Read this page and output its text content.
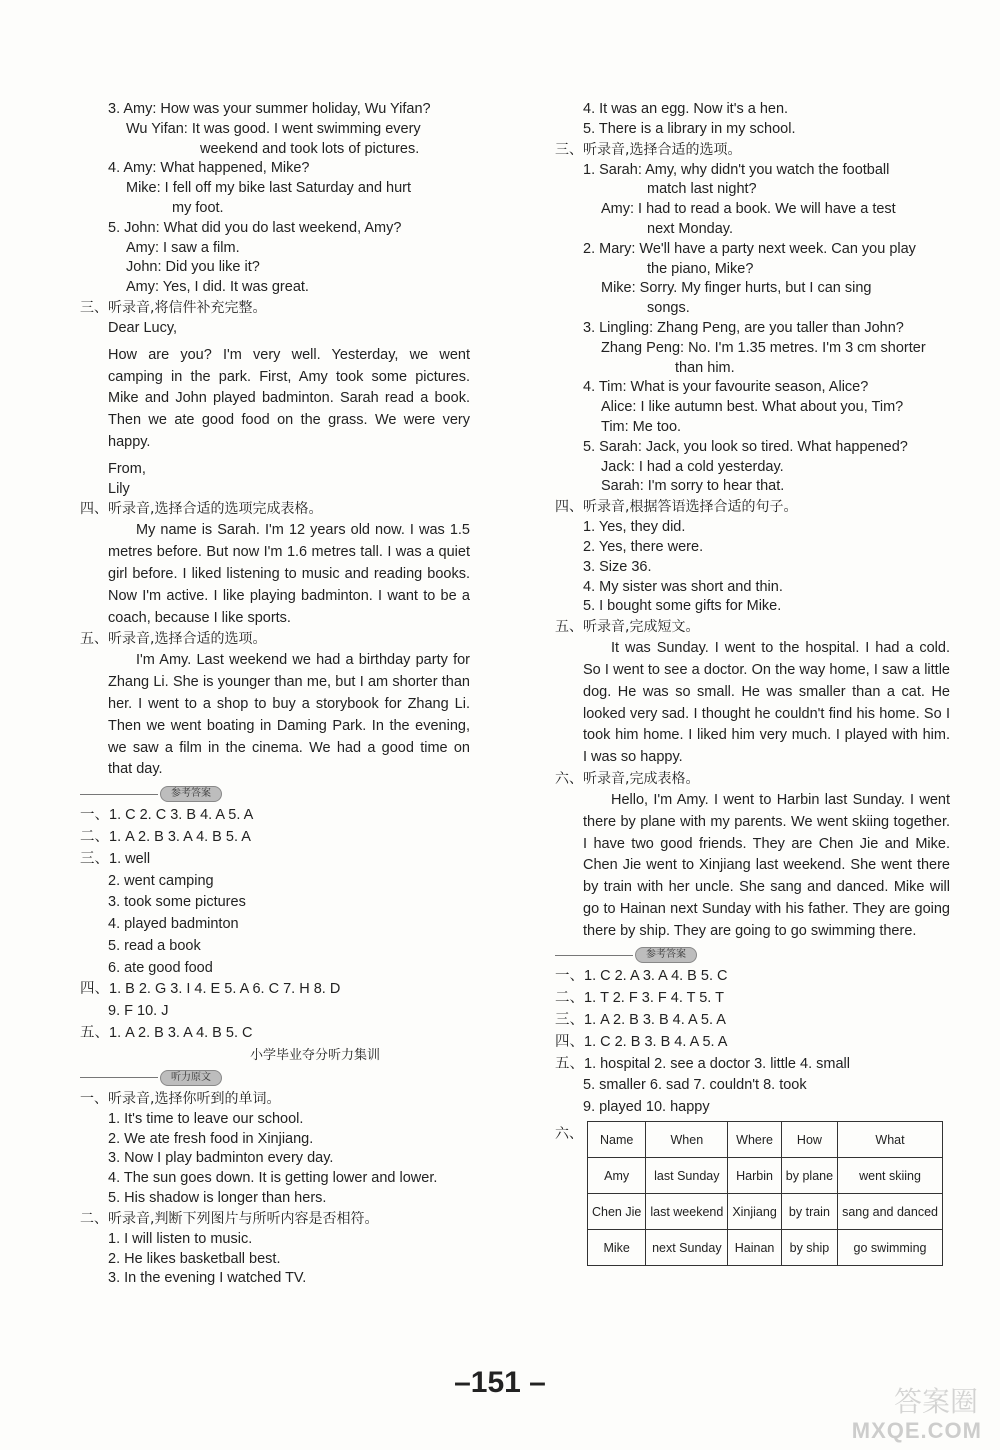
3. Amy: How was your summer holiday, Wu Yifan?
Wu Yifan: It was good. I went swimming every
weekend and took lots of pictures.
4. Amy: What happened, Mike?
Mike: I fell off my bike last Saturday and hurt
my foot.
5. John: What did you do last weekend, Amy?
Amy: I saw a film.
John: Did you like it?
Amy: Yes, I did. It was great.
三、听录音,将信件补充完整。
Dear Lucy,
How are you? I'm very well. Yesterday, we went camping in the park. First, Amy took some pictures. Mike and John played badminton. Sarah read a book. Then we ate good food on the grass. We were very happy.
From,
Lily
四、听录音,选择合适的选项完成表格。
My name is Sarah. I'm 12 years old now. I was 1.5 metres before. But now I'm 1.6 metres tall. I was a quiet girl before. I liked listening to music and reading books. Now I'm active. I like playing badminton. I want to be a coach, because I like sports.
五、听录音,选择合适的选项。
I'm Amy. Last weekend we had a birthday party for Zhang Li. She is younger than me, but I am shorter than her. I went to a shop to buy a storybook for Zhang Li. Then we went boating in Daming Park. In the evening, we saw a film in the cinema. We had a good time on that day.
参考答案
一、1. C 2. C 3. B 4. A 5. A
二、1. A 2. B 3. A 4. B 5. A
三、1. well
2. went camping
3. took some pictures
4. played badminton
5. read a book
6. ate good food
四、1. B 2. G 3. I 4. E 5. A 6. C 7. H 8. D
9. F 10. J
五、1. A 2. B 3. A 4. B 5. C
小学毕业夺分听力集训
听力原文
一、听录音,选择你听到的单词。
1. It's time to leave our school.
2. We ate fresh food in Xinjiang.
3. Now I play badminton every day.
4. The sun goes down. It is getting lower and lower.
5. His shadow is longer than hers.
二、听录音,判断下列图片与所听内容是否相符。
1. I will listen to music.
2. He likes basketball best.
3. In the evening I watched TV.
4. It was an egg. Now it's a hen.
5. There is a library in my school.
三、听录音,选择合适的选项。
1. Sarah: Amy, why didn't you watch the football
match last night?
Amy: I had to read a book. We will have a test
next Monday.
2. Mary: We'll have a party next week. Can you play
the piano, Mike?
Mike: Sorry. My finger hurts, but I can sing
songs.
3. Lingling: Zhang Peng, are you taller than John?
Zhang Peng: No. I'm 1.35 metres. I'm 3 cm shorter
than him.
4. Tim: What is your favourite season, Alice?
Alice: I like autumn best. What about you, Tim?
Tim: Me too.
5. Sarah: Jack, you look so tired. What happened?
Jack: I had a cold yesterday.
Sarah: I'm sorry to hear that.
四、听录音,根据答语选择合适的句子。
1. Yes, they did.
2. Yes, there were.
3. Size 36.
4. My sister was short and thin.
5. I bought some gifts for Mike.
五、听录音,完成短文。
It was Sunday. I went to the hospital. I had a cold. So I went to see a doctor. On the way home, I saw a little dog. He was so small. He was smaller than a cat. He looked very sad. I thought he couldn't find his home. So I took him home. I liked him very much. I played with him. I was so happy.
六、听录音,完成表格。
Hello, I'm Amy. I went to Harbin last Sunday. I went there by plane with my parents. We went skiing together. I have two good friends. They are Chen Jie and Mike. Chen Jie went to Xinjiang last weekend. She went there by train with her uncle. She sang and danced. Mike will go to Hainan next Sunday with his father. They are going there by ship. They are going to go swimming there.
参考答案
一、1. C 2. A 3. A 4. B 5. C
二、1. T 2. F 3. F 4. T 5. T
三、1. A 2. B 3. B 4. A 5. A
四、1. C 2. B 3. B 4. A 5. A
五、1. hospital 2. see a doctor 3. little 4. small
5. smaller 6. sad 7. couldn't 8. took
9. played 10. happy
六、	Name	When	Where	How	What
Amy	last Sunday	Harbin	by plane	went skiing
Chen Jie	last weekend	Xinjiang	by train	sang and danced
Mike	next Sunday	Hainan	by ship	go swimming
–151 –
答案圈
MXQE.COM
